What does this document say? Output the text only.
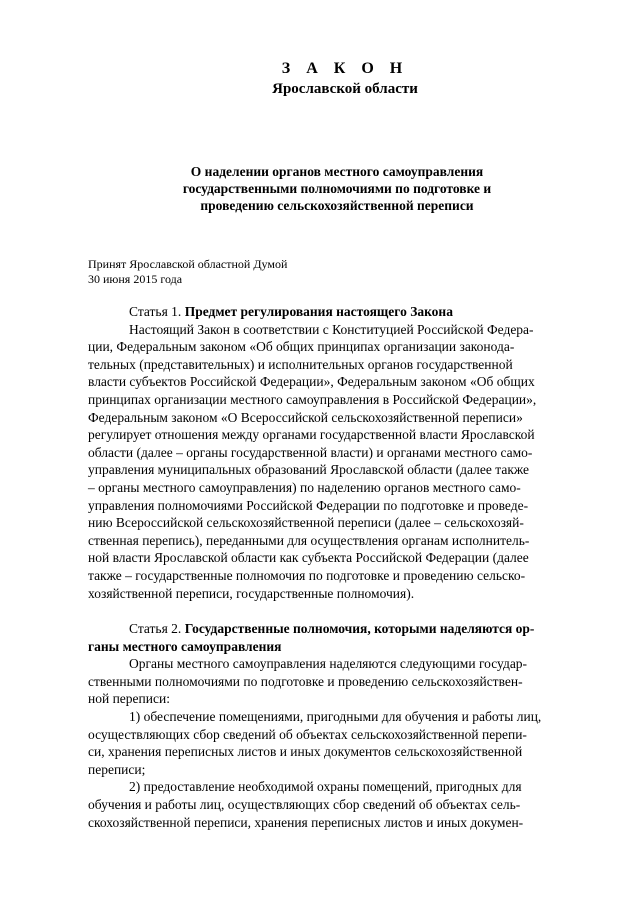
З А К О Н
Ярославской области
О наделении органов местного самоуправления
государственными полномочиями по подготовке и
проведению сельскохозяйственной переписи
Принят Ярославской областной Думой
30 июня 2015 года
Статья 1. Предмет регулирования настоящего Закона
Настоящий Закон в соответствии с Конституцией Российской Федера-
ции, Федеральным законом «Об общих принципах организации законода-
тельных (представительных) и исполнительных органов государственной
власти субъектов Российской Федерации», Федеральным законом «Об общих
принципах организации местного самоуправления в Российской Федерации»,
Федеральным законом «О Всероссийской сельскохозяйственной переписи»
регулирует отношения между органами государственной власти Ярославской
области (далее – органы государственной власти) и органами местного само-
управления муниципальных образований Ярославской области (далее также
– органы местного самоуправления) по наделению органов местного само-
управления полномочиями Российской Федерации по подготовке и проведе-
нию Всероссийской сельскохозяйственной переписи (далее – сельскохозяй-
ственная перепись), переданными для осуществления органам исполнитель-
ной власти Ярославской области как субъекта Российской Федерации (далее
также – государственные полномочия по подготовке и проведению сельско-
хозяйственной переписи, государственные полномочия).
Статья 2. Государственные полномочия, которыми наделяются ор-
ганы местного самоуправления
Органы местного самоуправления наделяются следующими государ-
ственными полномочиями по подготовке и проведению сельскохозяйствен-
ной переписи:
1) обеспечение помещениями, пригодными для обучения и работы лиц,
осуществляющих сбор сведений об объектах сельскохозяйственной перепи-
си, хранения переписных листов и иных документов сельскохозяйственной
переписи;
2) предоставление необходимой охраны помещений, пригодных для
обучения и работы лиц, осуществляющих сбор сведений об объектах сель-
скохозяйственной переписи, хранения переписных листов и иных докумен-
